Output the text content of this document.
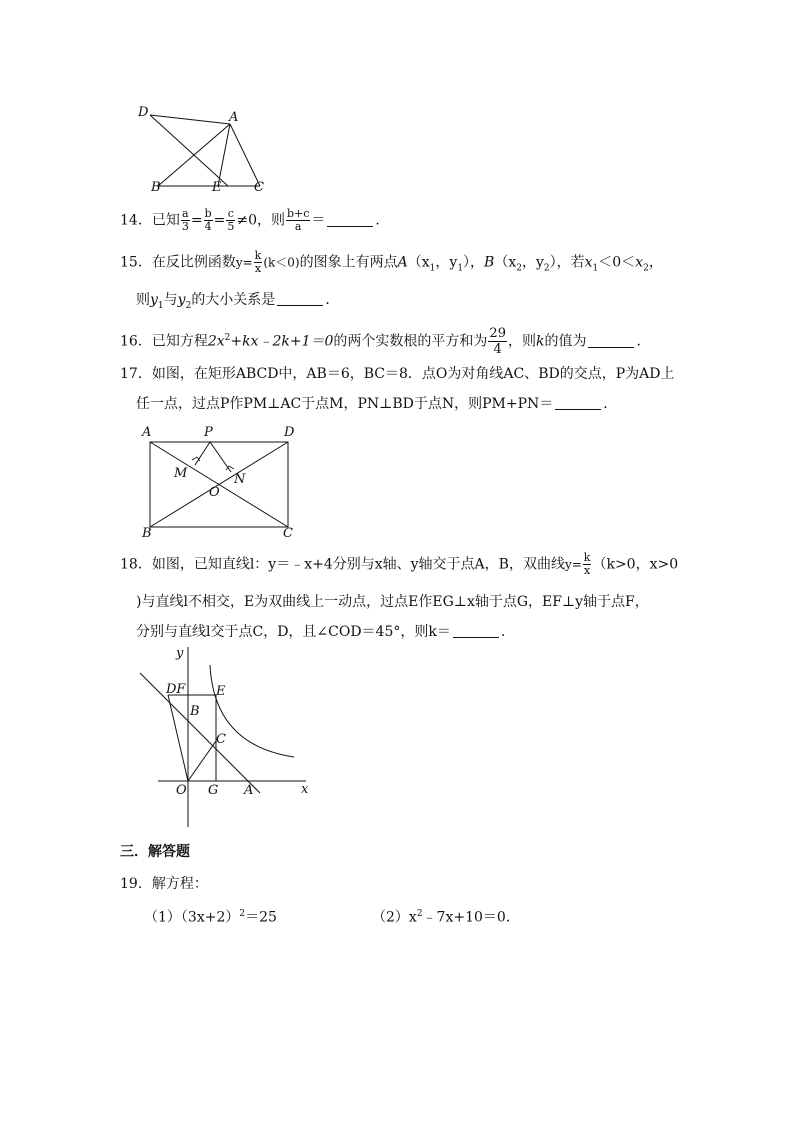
D	A
B	E	C
14．已知 $\frac{a}{3} = \frac{b}{4} = \frac{c}{5} \ne 0$，则 $\frac{b+c}{a}$ ＝	．
15．在反比例函数$y= \frac{k}{x} (k<0)$的图象上有两点$A(x_1$，$y_1$），$B(x_2$，$y_2$），若$x_1<0<x_2$，
则$y_1$与$y_2$的大小关系是	．
16．已知方程$2x^2+kx﹣2k+1=0$的两个实数根的平方和为 $\frac{29}{4}$ ，则k的值为	．
17．如图，在矩形ABCD中，AB＝6，BC＝8．点O为对角线AC、BD的交点，P为AD上
任一点，过点P作PM⊥AC于点M，PN⊥BD于点N，则PM+PN＝	．
A	P	D
M	N
O
B	C
18．如图，已知直线l：y＝﹣x+4分别与x轴、y轴交于点A，B，双曲线$y= \frac{k}{x} (k>0$，x>0
)与直线l不相交，E为双曲线上一动点，过点E作EG⊥x轴于点G，EF⊥y轴于点F，
分别与直线l交于点C，D，且∠COD＝45°，则k＝	．
y
DF E
B
C
O G A	x
三．解答题
19．解方程：
$(1)(3x+2)^2=25$	$(2)x^2﹣7x+10=0$．
